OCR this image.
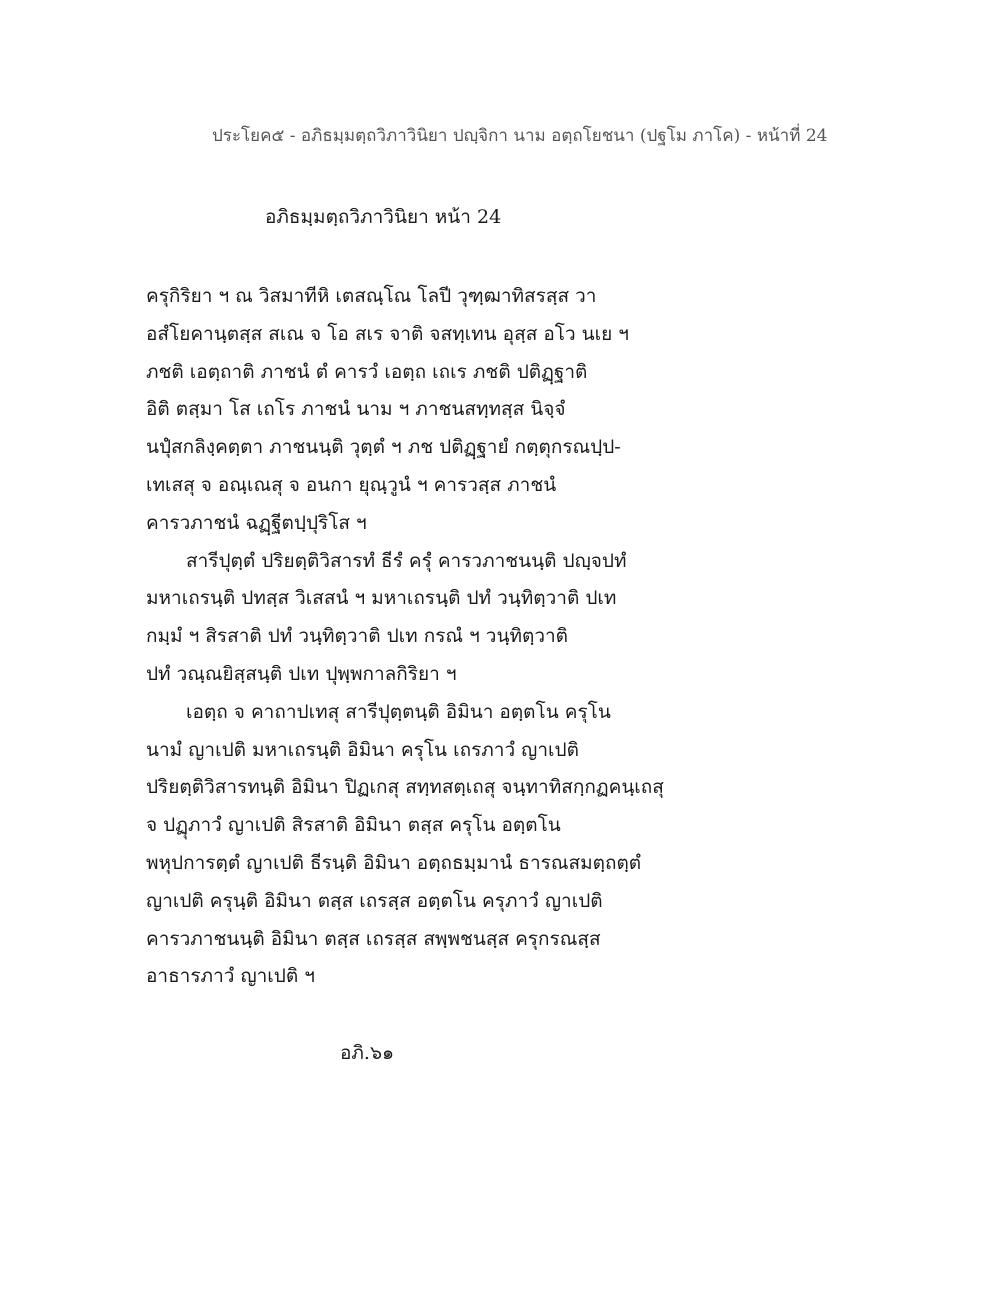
ประโยค๕ - อภิธมฺมตฺถวิภาวินิยา ปญฺจิกา นาม อตฺถโยชนา (ปฐโม ภาโค) - หน้าที่ 24
อภิธมฺมตฺถวิภาวินิยา หน้า 24
ครุกิริยา ฯ ณ วิสมาทีหิ เตสณฺโณ โลปี วุฑฺฒาทิสรสฺส วา
อสํโยคานฺตสฺส สเณ จ โอ สเร จาติ จสทฺเทน อุสฺส อโว นเย ฯ
ภชติ เอตฺถาติ ภาชนํ ตํ คารวํ เอตฺถ เถเร ภชติ ปติฏฺฐาติ
อิติ ตสฺมา โส เถโร ภาชนํ นาม ฯ ภาชนสทฺทสฺส นิจฺจํ
นปุํสกลิงฺคตฺตา ภาชนนฺติ วุตฺตํ ฯ ภช ปติฏฺฐายํ กตฺตุกรณปฺป-
เทเสสุ จ อณฺเณสุ จ อนกา ยุณฺวูนํ ฯ คารวสฺส ภาชนํ
คารวภาชนํ ฉฏฺฐีตปฺปุริโส ฯ
สารีปุตฺตํ ปริยตฺติวิสารทํ ธีรํ ครุํ คารวภาชนนฺติ ปญฺจปทํ
มหาเถรนฺติ ปทสฺส วิเสสนํ ฯ มหาเถรนฺติ ปทํ วนฺทิตฺวาติ ปเท
กมฺมํ ฯ สิรสาติ ปทํ วนฺทิตฺวาติ ปเท กรณํ ฯ วนฺทิตฺวาติ
ปทํ วณฺณยิสฺสนฺติ ปเท ปุพฺพกาลกิริยา ฯ
เอตฺถ จ คาถาปเทสุ สารีปุตฺตนฺติ อิมินา อตฺตโน ครุโน
นามํ ญาเปติ มหาเถรนฺติ อิมินา ครุโน เถรภาวํ ญาเปติ
ปริยตฺติวิสารทนฺติ อิมินา ปิฏเกสุ สทฺทสตฺเถสุ จนฺทาทิสกฺกฏคนฺเถสุ
จ ปฏุภาวํ ญาเปติ สิรสาติ อิมินา ตสฺส ครุโน อตฺตโน
พหุปการตฺตํ ญาเปติ ธีรนฺติ อิมินา อตฺถธมฺมานํ ธารณสมตฺถตฺตํ
ญาเปติ ครุนฺติ อิมินา ตสฺส เถรสฺส อตฺตโน ครุภาวํ ญาเปติ
คารวภาชนนฺติ อิมินา ตสฺส เถรสฺส สพฺพชนสฺส ครุกรณสฺส
อาธารภาวํ ญาเปติ ฯ
อภิ.๖๑
